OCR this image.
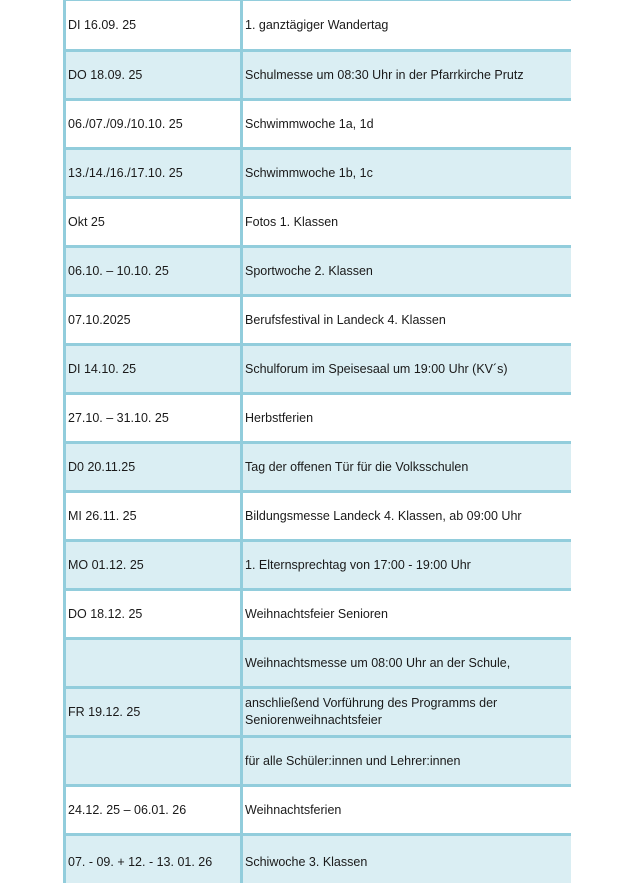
DI 16.09. 25	1. ganztägiger Wandertag
DO 18.09. 25	Schulmesse um 08:30 Uhr in der Pfarrkirche Prutz
06./07./09./10.10. 25	Schwimmwoche 1a, 1d
13./14./16./17.10. 25	Schwimmwoche 1b, 1c
Okt 25	Fotos 1. Klassen
06.10. – 10.10. 25	Sportwoche 2. Klassen
07.10.2025	Berufsfestival in Landeck 4. Klassen
DI 14.10. 25	Schulforum im Speisesaal um 19:00 Uhr (KV´s)
27.10. – 31.10. 25	Herbstferien
D0 20.11.25	Tag der offenen Tür für die Volksschulen
MI 26.11. 25	Bildungsmesse Landeck 4. Klassen, ab 09:00 Uhr
MO 01.12. 25	1. Elternsprechtag von 17:00 - 19:00 Uhr
DO 18.12. 25	Weihnachtsfeier Senioren
	Weihnachtsmesse um 08:00 Uhr an der Schule,
FR 19.12. 25	anschließend Vorführung des Programms der Seniorenweihnachtsfeier
	für alle Schüler:innen und Lehrer:innen
24.12. 25 – 06.01. 26	Weihnachtsferien
07. - 09. + 12. - 13. 01. 26	Schiwoche 3. Klassen
